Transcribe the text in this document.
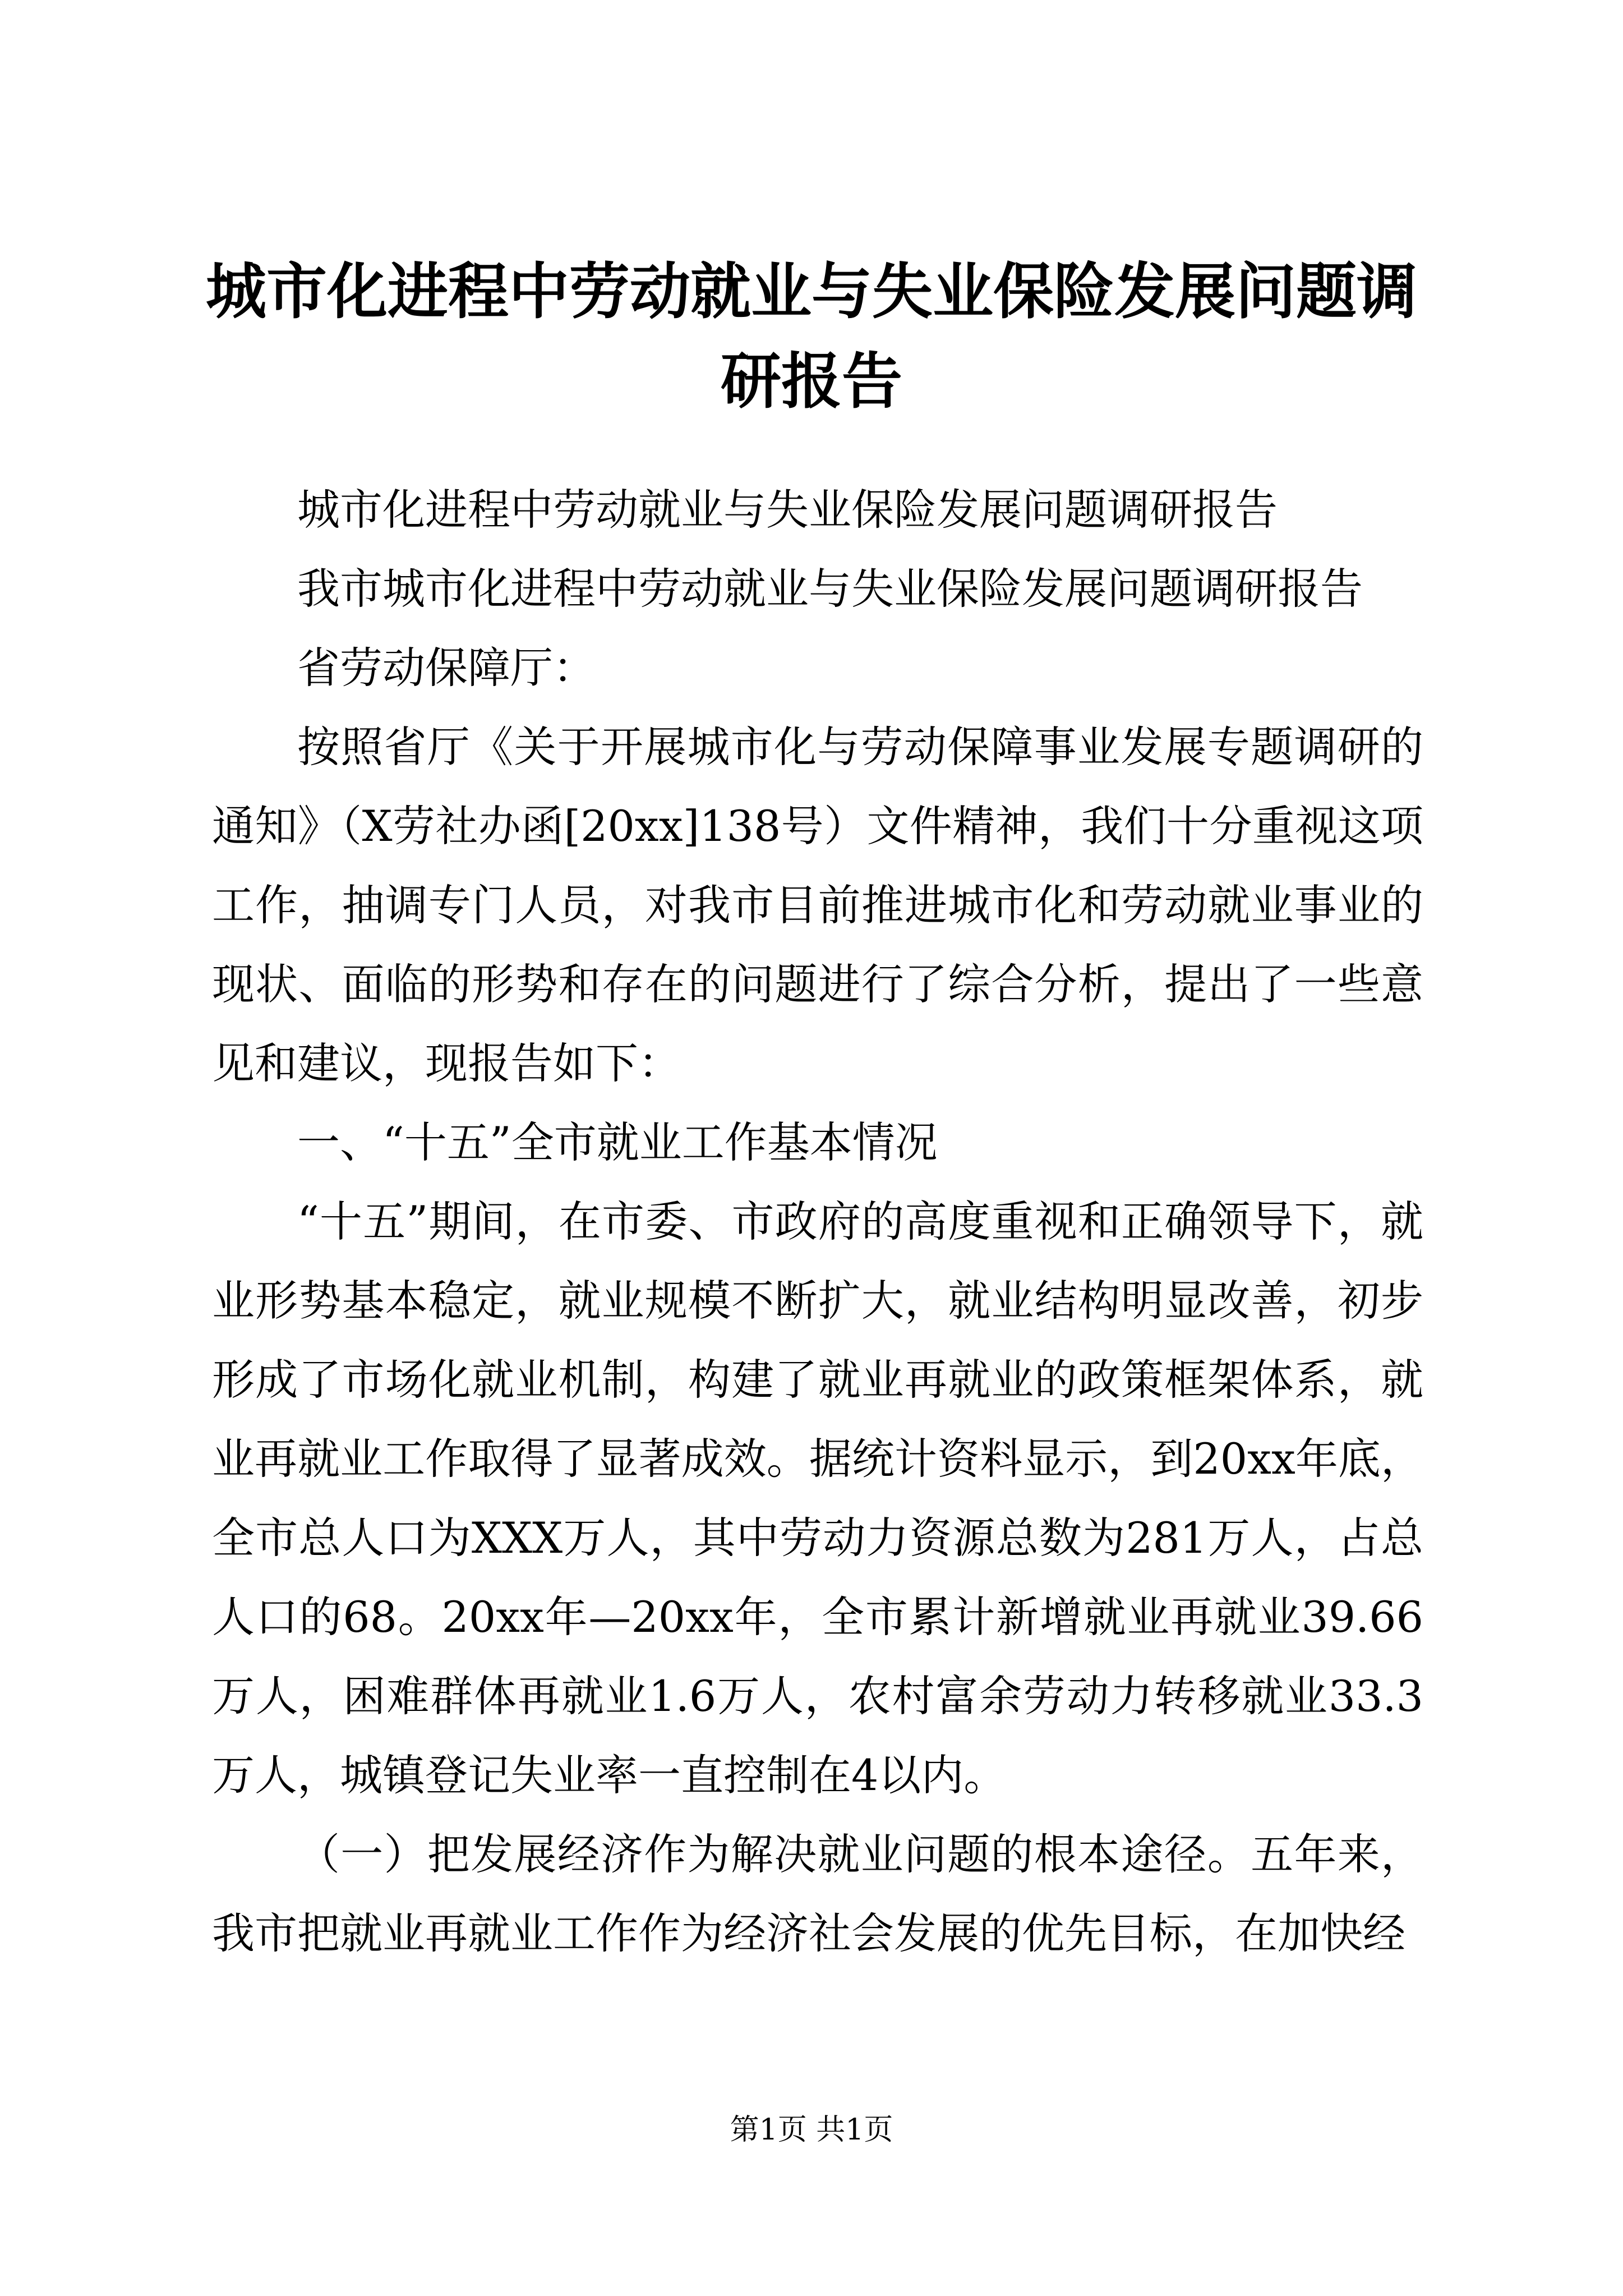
城市化进程中劳动就业与失业保险发展问题调研报告

城市化进程中劳动就业与失业保险发展问题调研报告

我市城市化进程中劳动就业与失业保险发展问题调研报告

省劳动保障厅：

按照省厅《关于开展城市化与劳动保障事业发展专题调研的通知》（X劳社办函[20xx]138号）文件精神，我们十分重视这项工作，抽调专门人员，对我市目前推进城市化和劳动就业事业的现状、面临的形势和存在的问题进行了综合分析，提出了一些意见和建议，现报告如下：

一、“十五”全市就业工作基本情况

“十五”期间，在市委、市政府的高度重视和正确领导下，就业形势基本稳定，就业规模不断扩大，就业结构明显改善，初步形成了市场化就业机制，构建了就业再就业的政策框架体系，就业再就业工作取得了显著成效。据统计资料显示，到20xx年底，全市总人口为XXX万人，其中劳动力资源总数为281万人，占总人口的68。20xx年—20xx年，全市累计新增就业再就业39.66万人，困难群体再就业1.6万人，农村富余劳动力转移就业33.3万人，城镇登记失业率一直控制在4以内。

（一）把发展经济作为解决就业问题的根本途径。五年来，我市把就业再就业工作作为经济社会发展的优先目标，在加快经

第1页 共1页
